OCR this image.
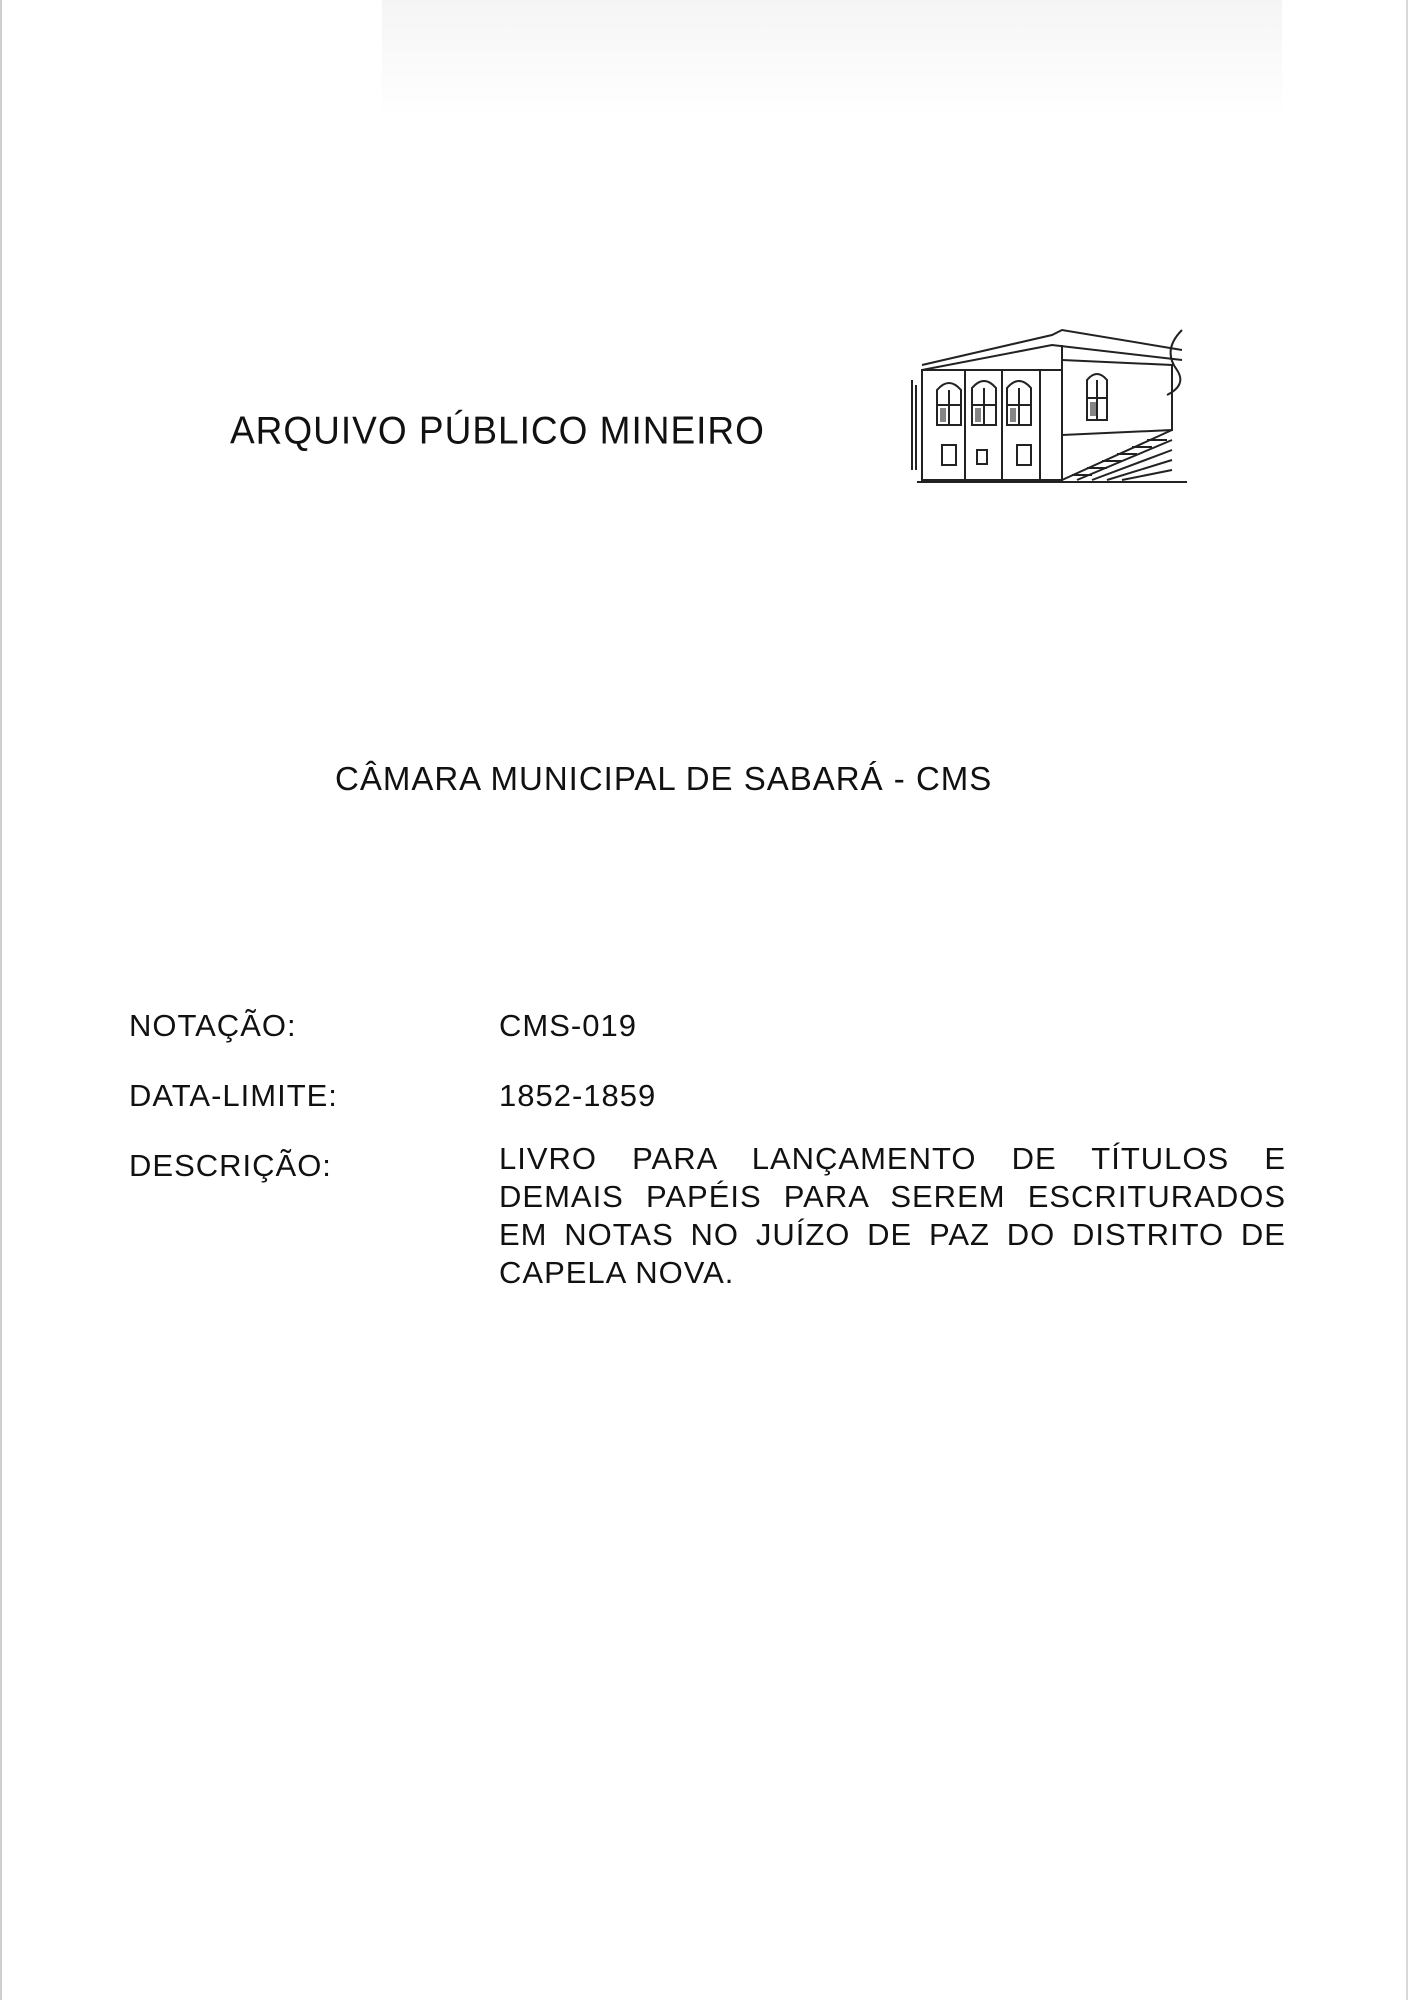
ARQUIVO PÚBLICO MINEIRO
CÂMARA MUNICIPAL DE SABARÁ - CMS
NOTAÇÃO:	CMS-019
DATA-LIMITE:	1852-1859
DESCRIÇÃO:	LIVRO PARA LANÇAMENTO DE TÍTULOS E DEMAIS PAPÉIS PARA SEREM ESCRITURADOS EM NOTAS NO JUÍZO DE PAZ DO DISTRITO DE CAPELA NOVA.
